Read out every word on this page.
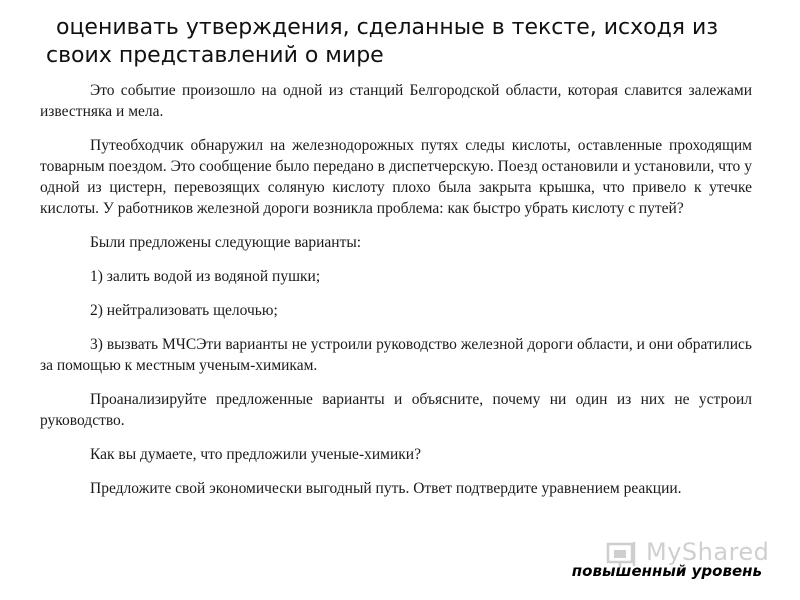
оценивать утверждения, сделанные в тексте, исходя из
своих представлений о мире

Это событие произошло на одной из станций Белгородской области, которая славится залежами известняка и мела.

Путеобходчик обнаружил на железнодорожных путях следы кислоты, оставленные проходящим товарным поездом. Это сообщение было передано в диспетчерскую. Поезд остановили и установили, что у одной из цистерн, перевозящих соляную кислоту плохо была закрыта крышка, что привело к утечке кислоты. У работников железной дороги возникла проблема: как быстро убрать кислоту с путей?

Были предложены следующие варианты:

1) залить водой из водяной пушки;

2) нейтрализовать щелочью;

3) вызвать МЧСЭти варианты не устроили руководство железной дороги области, и они обратились за помощью к местным ученым-химикам.

Проанализируйте предложенные варианты и объясните, почему ни один из них не устроил руководство.

Как вы думаете, что предложили ученые-химики?

Предложите свой экономически выгодный путь. Ответ подтвердите уравнением реакции.

MyShared
повышенный уровень
